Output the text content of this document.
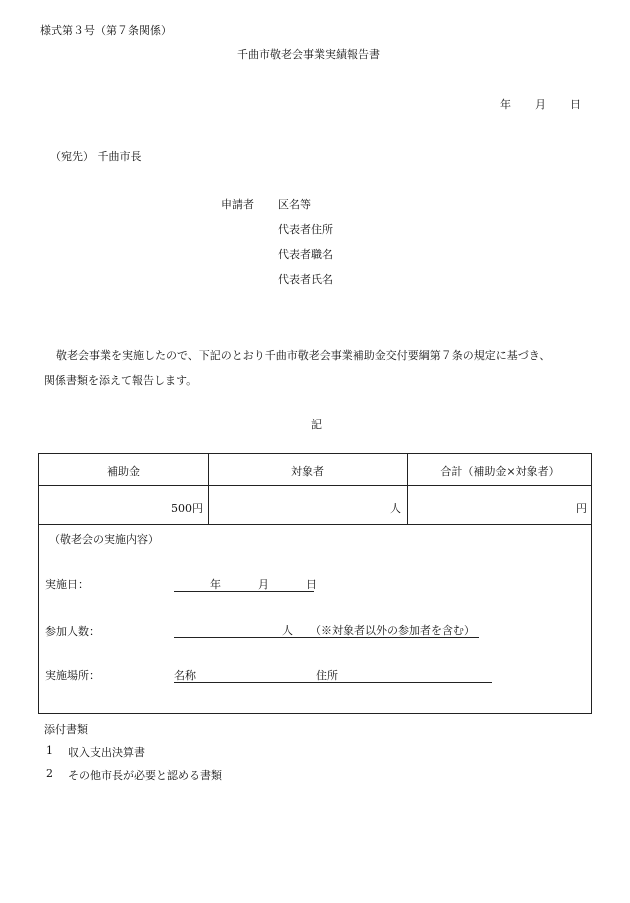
様式第３号（第７条関係）
千曲市敬老会事業実績報告書
年 月 日
（宛先） 千曲市長
申請者 区名等
代表者住所
代表者職名
代表者氏名
敬老会事業を実施したので、下記のとおり千曲市敬老会事業補助金交付要綱第７条の規定に基づき、
関係書類を添えて報告します。
記
補助金	対象者	合計（補助金×対象者）
500円	人	円
（敬老会の実施内容）
実施日：	年	月	日
参加人数：	人 （※対象者以外の参加者を含む）
実施場所：	名称	住所
添付書類
1 収入支出決算書
2 その他市長が必要と認める書類
